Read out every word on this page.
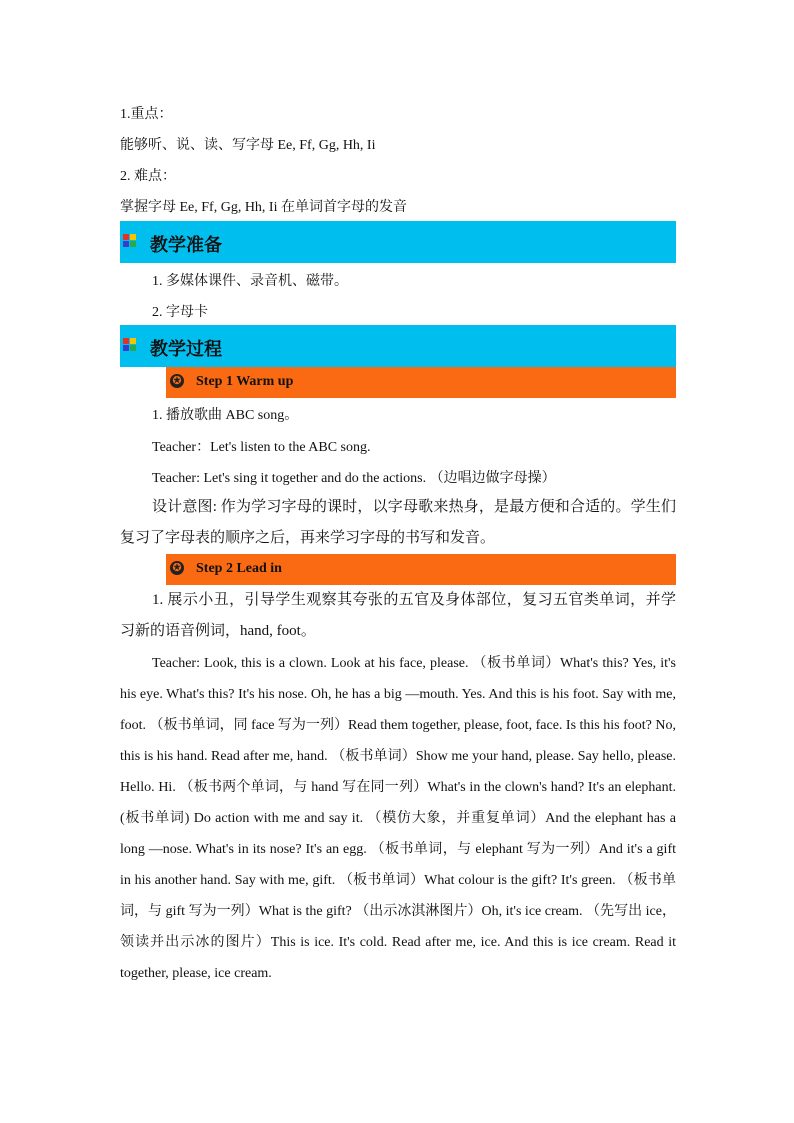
1.重点：
能够听、说、读、写字母 Ee, Ff, Gg, Hh, Ii
2. 难点：
掌握字母 Ee, Ff, Gg, Hh, Ii 在单词首字母的发音
教学准备
1. 多媒体课件、录音机、磁带。
2. 字母卡
教学过程
✪ Step 1 Warm up
1. 播放歌曲 ABC song。
Teacher：Let's listen to the ABC song.
Teacher: Let's sing it together and do the actions. （边唱边做字母操）
设计意图: 作为学习字母的课时，以字母歌来热身，是最方便和合适的。学生们复习了字母表的顺序之后，再来学习字母的书写和发音。
✪ Step 2 Lead in
1. 展示小丑，引导学生观察其夸张的五官及身体部位，复习五官类单词，并学习新的语音例词，hand, foot。
Teacher: Look, this is a clown. Look at his face, please. （板书单词）What's this? Yes, it's his eye. What's this? It's his nose. Oh, he has a big —mouth. Yes. And this is his foot. Say with me, foot. （板书单词，同 face 写为一列）Read them together, please, foot, face. Is this his foot? No, this is his hand. Read after me, hand. （板书单词）Show me your hand, please. Say hello, please. Hello. Hi. （板书两个单词，与 hand 写在同一列）What's in the clown's hand? It's an elephant. (板书单词) Do action with me and say it. （模仿大象，并重复单词）And the elephant has a long —nose. What's in its nose? It's an egg. （板书单词，与 elephant 写为一列）And it's a gift in his another hand. Say with me, gift. （板书单词）What colour is the gift? It's green. （板书单词，与 gift 写为一列）What is the gift? （出示冰淇淋图片）Oh, it's ice cream. （先写出 ice，领读并出示冰的图片）This is ice. It's cold. Read after me, ice. And this is ice cream. Read it together, please, ice cream.
